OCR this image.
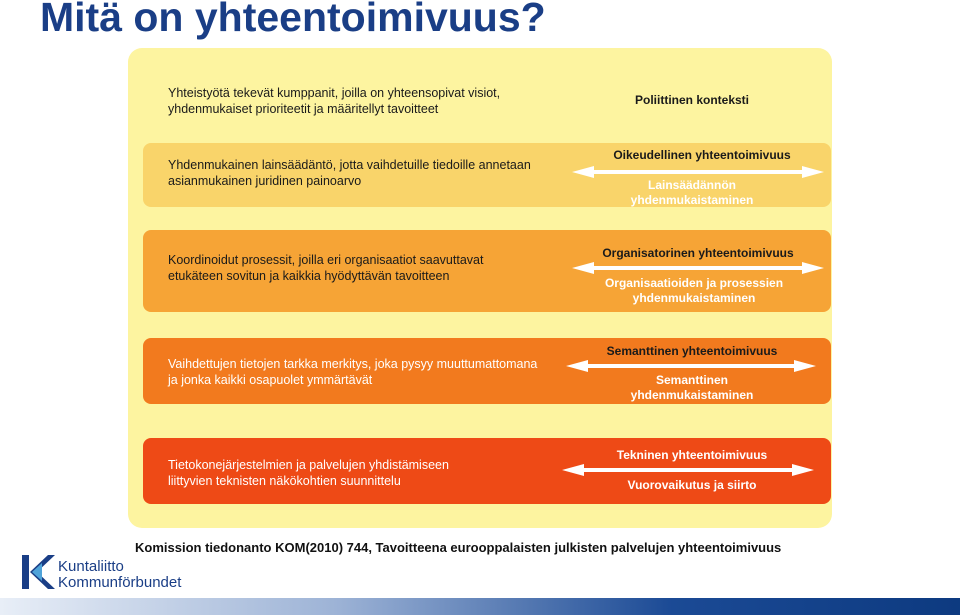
Mitä on yhteentoimivuus?
Yhteistyötä tekevät kumppanit, joilla on yhteensopivat visiot,
yhdenmukaiset prioriteetit ja määritellyt tavoitteet
Poliittinen konteksti
Yhdenmukainen lainsäädäntö, jotta vaihdetuille tiedoille annetaan
asianmukainen juridinen painoarvo
Oikeudellinen yhteentoimivuus
Lainsäädännön
yhdenmukaistaminen
Koordinoidut prosessit, joilla eri organisaatiot saavuttavat
etukäteen sovitun ja kaikkia hyödyttävän tavoitteen
Organisatorinen yhteentoimivuus
Organisaatioiden ja prosessien
yhdenmukaistaminen
Vaihdettujen tietojen tarkka merkitys, joka pysyy muuttumattomana
ja jonka kaikki osapuolet ymmärtävät
Semanttinen yhteentoimivuus
Semanttinen
yhdenmukaistaminen
Tietokonejärjestelmien ja palvelujen yhdistämiseen
liittyvien teknisten näkökohtien suunnittelu
Tekninen yhteentoimivuus
Vuorovaikutus ja siirto
Komission tiedonanto KOM(2010) 744, Tavoitteena eurooppalaisten julkisten palvelujen yhteentoimivuus
Kuntaliitto
Kommunförbundet
